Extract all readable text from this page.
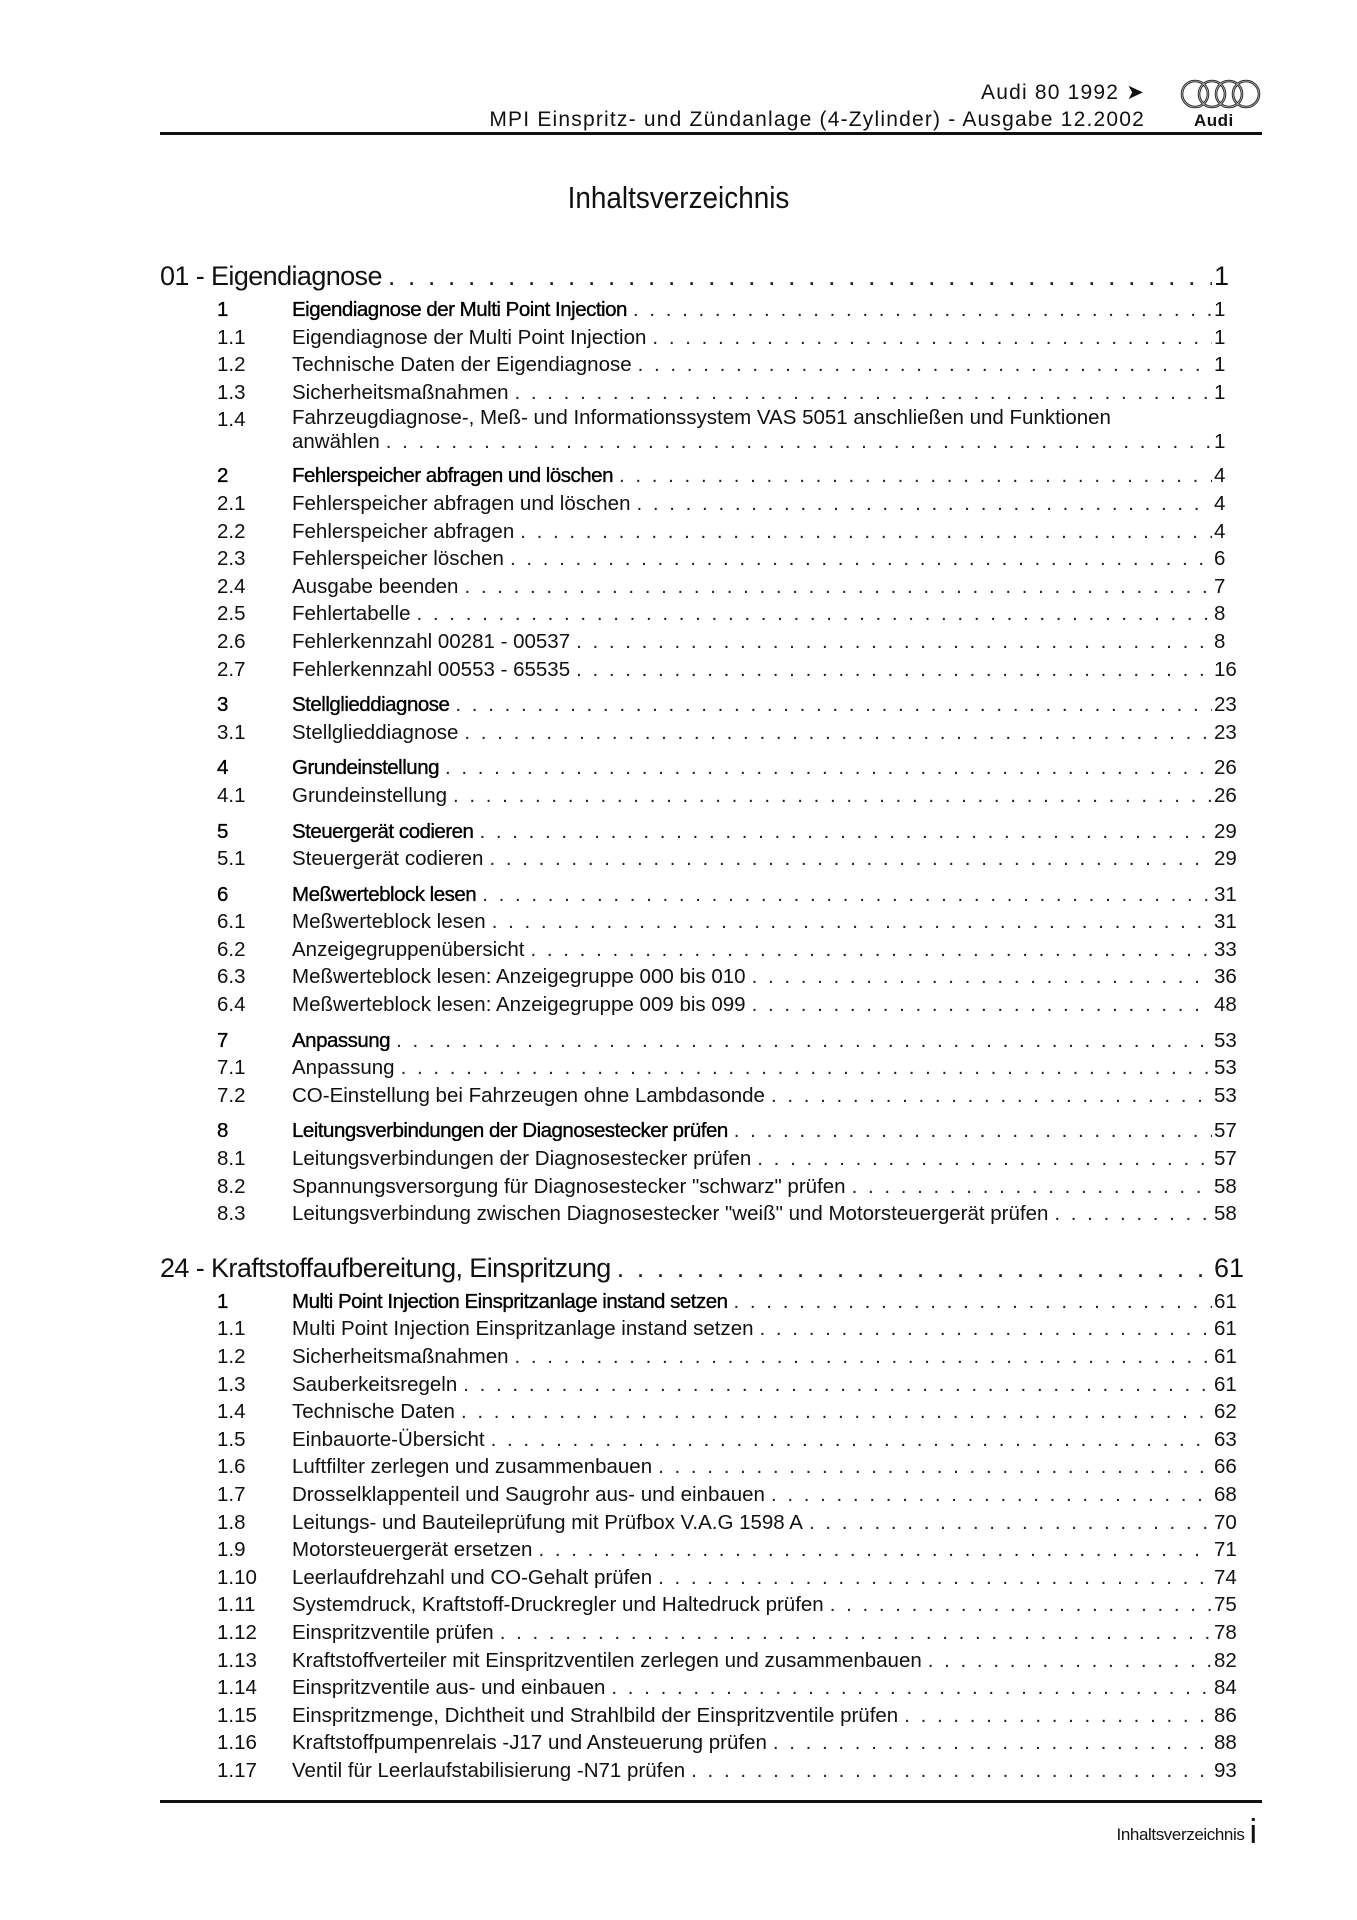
Audi 80 1992 ➤
MPI Einspritz- und Zündanlage (4-Zylinder) - Ausgabe 12.2002	Audi
Inhaltsverzeichnis
01 - Eigendiagnose . . .	1
1	Eigendiagnose der Multi Point Injection . . .	1
1.1	Eigendiagnose der Multi Point Injection . . .	1
1.2	Technische Daten der Eigendiagnose . . .	1
1.3	Sicherheitsmaßnahmen . . .	1
1.4	Fahrzeugdiagnose-, Meß- und Informationssystem VAS 5051 anschließen und Funktionen
anwählen . . .	1
2	Fehlerspeicher abfragen und löschen . . .	4
2.1	Fehlerspeicher abfragen und löschen . . .	4
2.2	Fehlerspeicher abfragen . . .	4
2.3	Fehlerspeicher löschen . . .	6
2.4	Ausgabe beenden . . .	7
2.5	Fehlertabelle . . .	8
2.6	Fehlerkennzahl 00281 - 00537 . . .	8
2.7	Fehlerkennzahl 00553 - 65535 . . .	16
3	Stellglieddiagnose . . .	23
3.1	Stellglieddiagnose . . .	23
4	Grundeinstellung . . .	26
4.1	Grundeinstellung . . .	26
5	Steuergerät codieren . . .	29
5.1	Steuergerät codieren . . .	29
6	Meßwerteblock lesen . . .	31
6.1	Meßwerteblock lesen . . .	31
6.2	Anzeigegruppenübersicht . . .	33
6.3	Meßwerteblock lesen: Anzeigegruppe 000 bis 010 . . .	36
6.4	Meßwerteblock lesen: Anzeigegruppe 009 bis 099 . . .	48
7	Anpassung . . .	53
7.1	Anpassung . . .	53
7.2	CO-Einstellung bei Fahrzeugen ohne Lambdasonde . . .	53
8	Leitungsverbindungen der Diagnosestecker prüfen . . .	57
8.1	Leitungsverbindungen der Diagnosestecker prüfen . . .	57
8.2	Spannungsversorgung für Diagnosestecker "schwarz" prüfen . . .	58
8.3	Leitungsverbindung zwischen Diagnosestecker "weiß" und Motorsteuergerät prüfen . . .	58
24 - Kraftstoffaufbereitung, Einspritzung . . .	61
1	Multi Point Injection Einspritzanlage instand setzen . . .	61
1.1	Multi Point Injection Einspritzanlage instand setzen . . .	61
1.2	Sicherheitsmaßnahmen . . .	61
1.3	Sauberkeitsregeln . . .	61
1.4	Technische Daten . . .	62
1.5	Einbauorte-Übersicht . . .	63
1.6	Luftfilter zerlegen und zusammenbauen . . .	66
1.7	Drosselklappenteil und Saugrohr aus- und einbauen . . .	68
1.8	Leitungs- und Bauteileprüfung mit Prüfbox V.A.G 1598 A . . .	70
1.9	Motorsteuergerät ersetzen . . .	71
1.10	Leerlaufdrehzahl und CO-Gehalt prüfen . . .	74
1.11	Systemdruck, Kraftstoff-Druckregler und Haltedruck prüfen . . .	75
1.12	Einspritzventile prüfen . . .	78
1.13	Kraftstoffverteiler mit Einspritzventilen zerlegen und zusammenbauen . . .	82
1.14	Einspritzventile aus- und einbauen . . .	84
1.15	Einspritzmenge, Dichtheit und Strahlbild der Einspritzventile prüfen . . .	86
1.16	Kraftstoffpumpenrelais -J17 und Ansteuerung prüfen . . .	88
1.17	Ventil für Leerlaufstabilisierung -N71 prüfen . . .	93
Inhaltsverzeichnis i
